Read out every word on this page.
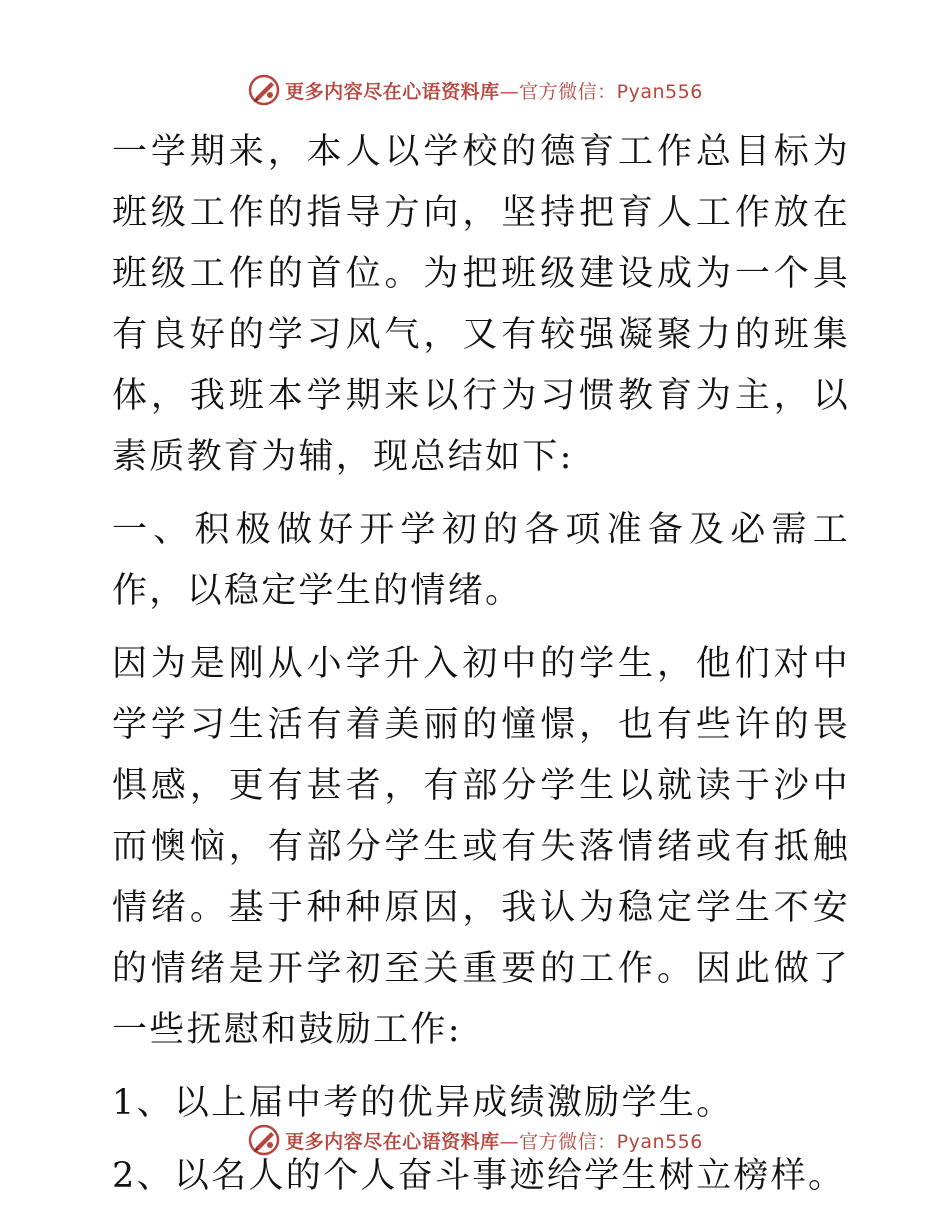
更多内容尽在心语资料库—官方微信：Pyan556

一学期来，本人以学校的德育工作总目标为班级工作的指导方向，坚持把育人工作放在班级工作的首位。为把班级建设成为一个具有良好的学习风气，又有较强凝聚力的班集体，我班本学期来以行为习惯教育为主，以素质教育为辅，现总结如下:

一、积极做好开学初的各项准备及必需工作，以稳定学生的情绪。

因为是刚从小学升入初中的学生，他们对中学学习生活有着美丽的憧憬，也有些许的畏惧感，更有甚者，有部分学生以就读于沙中而懊恼，有部分学生或有失落情绪或有抵触情绪。基于种种原因，我认为稳定学生不安的情绪是开学初至关重要的工作。因此做了一些抚慰和鼓励工作:

1、以上届中考的优异成绩激励学生。

2、以名人的个人奋斗事迹给学生树立榜样。

更多内容尽在心语资料库—官方微信：Pyan556
